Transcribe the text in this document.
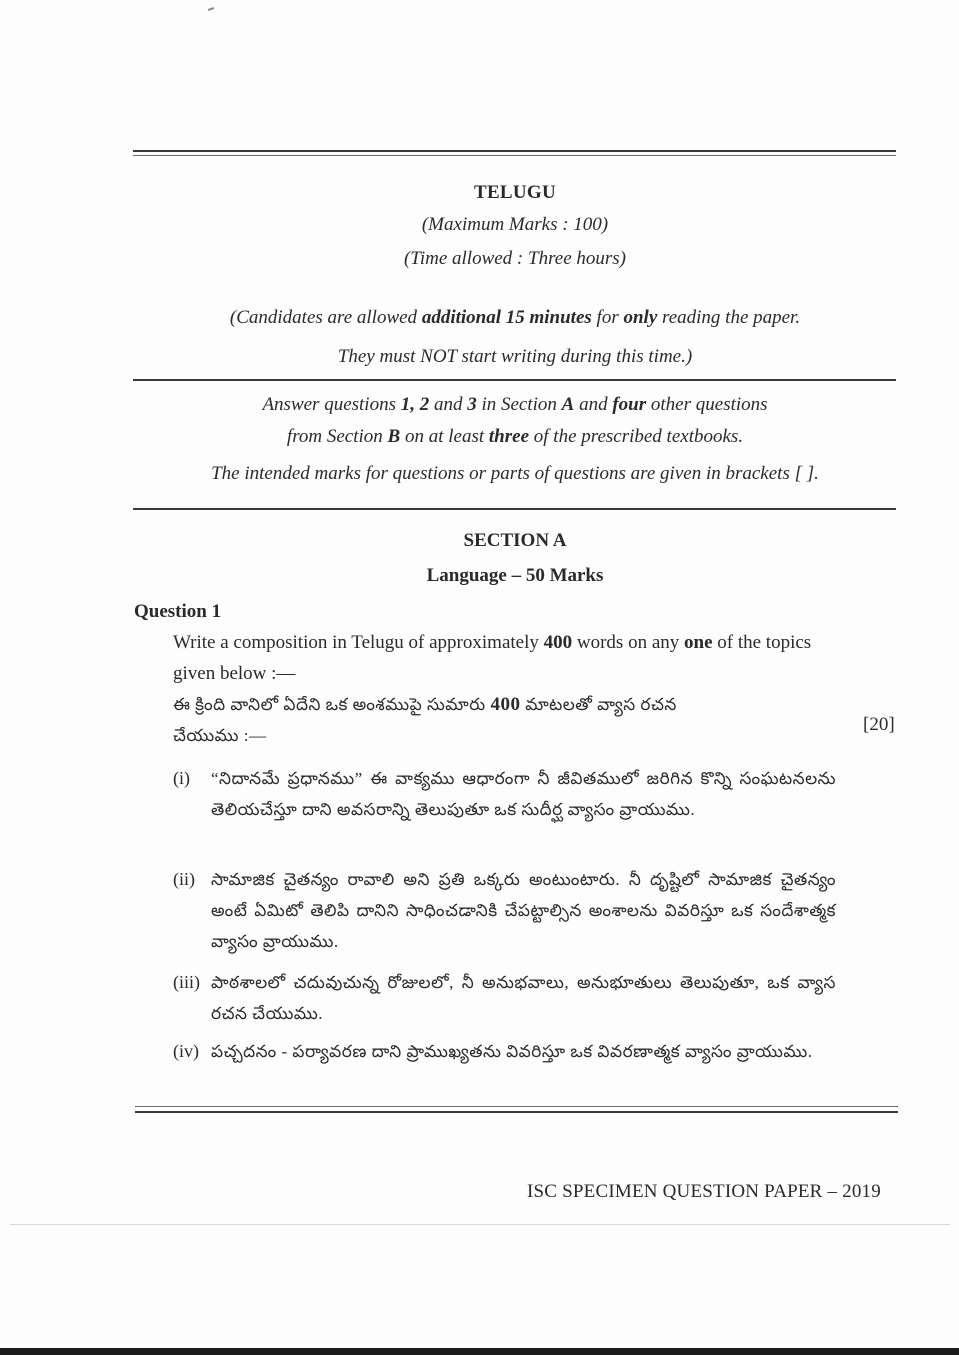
TELUGU
(Maximum Marks : 100)
(Time allowed : Three hours)
(Candidates are allowed additional 15 minutes for only reading the paper.
They must NOT start writing during this time.)
Answer questions 1, 2 and 3 in Section A and four other questions
from Section B on at least three of the prescribed textbooks.
The intended marks for questions or parts of questions are given in brackets [ ].
SECTION A
Language – 50 Marks
Question 1
Write a composition in Telugu of approximately 400 words on any one of the topics
given below :—
ఈ క్రింది వానిలో ఏదేని ఒక అంశముపై సుమారు 400 మాటలతో వ్యాస రచన
చేయుము :—
[20]
(i) “నిదానమే ప్రధానము” ఈ వాక్యము ఆధారంగా నీ జీవితములో జరిగిన కొన్ని సంఘటనలను తెలియచేస్తూ దాని అవసరాన్ని తెలుపుతూ ఒక సుదీర్ఘ వ్యాసం వ్రాయుము.
(ii) సామాజిక చైతన్యం రావాలి అని ప్రతి ఒక్కరు అంటుంటారు. నీ దృష్టిలో సామాజిక చైతన్యం అంటే ఏమిటో తెలిపి దానిని సాధించడానికి చేపట్టాల్సిన అంశాలను వివరిస్తూ ఒక సందేశాత్మక వ్యాసం వ్రాయుము.
(iii) పాఠశాలలో చదువుచున్న రోజులలో, నీ అనుభవాలు, అనుభూతులు తెలుపుతూ, ఒక వ్యాస రచన చేయుము.
(iv) పచ్చదనం - పర్యావరణ దాని ప్రాముఖ్యతను వివరిస్తూ ఒక వివరణాత్మక వ్యాసం వ్రాయుము.
ISC SPECIMEN QUESTION PAPER – 2019
